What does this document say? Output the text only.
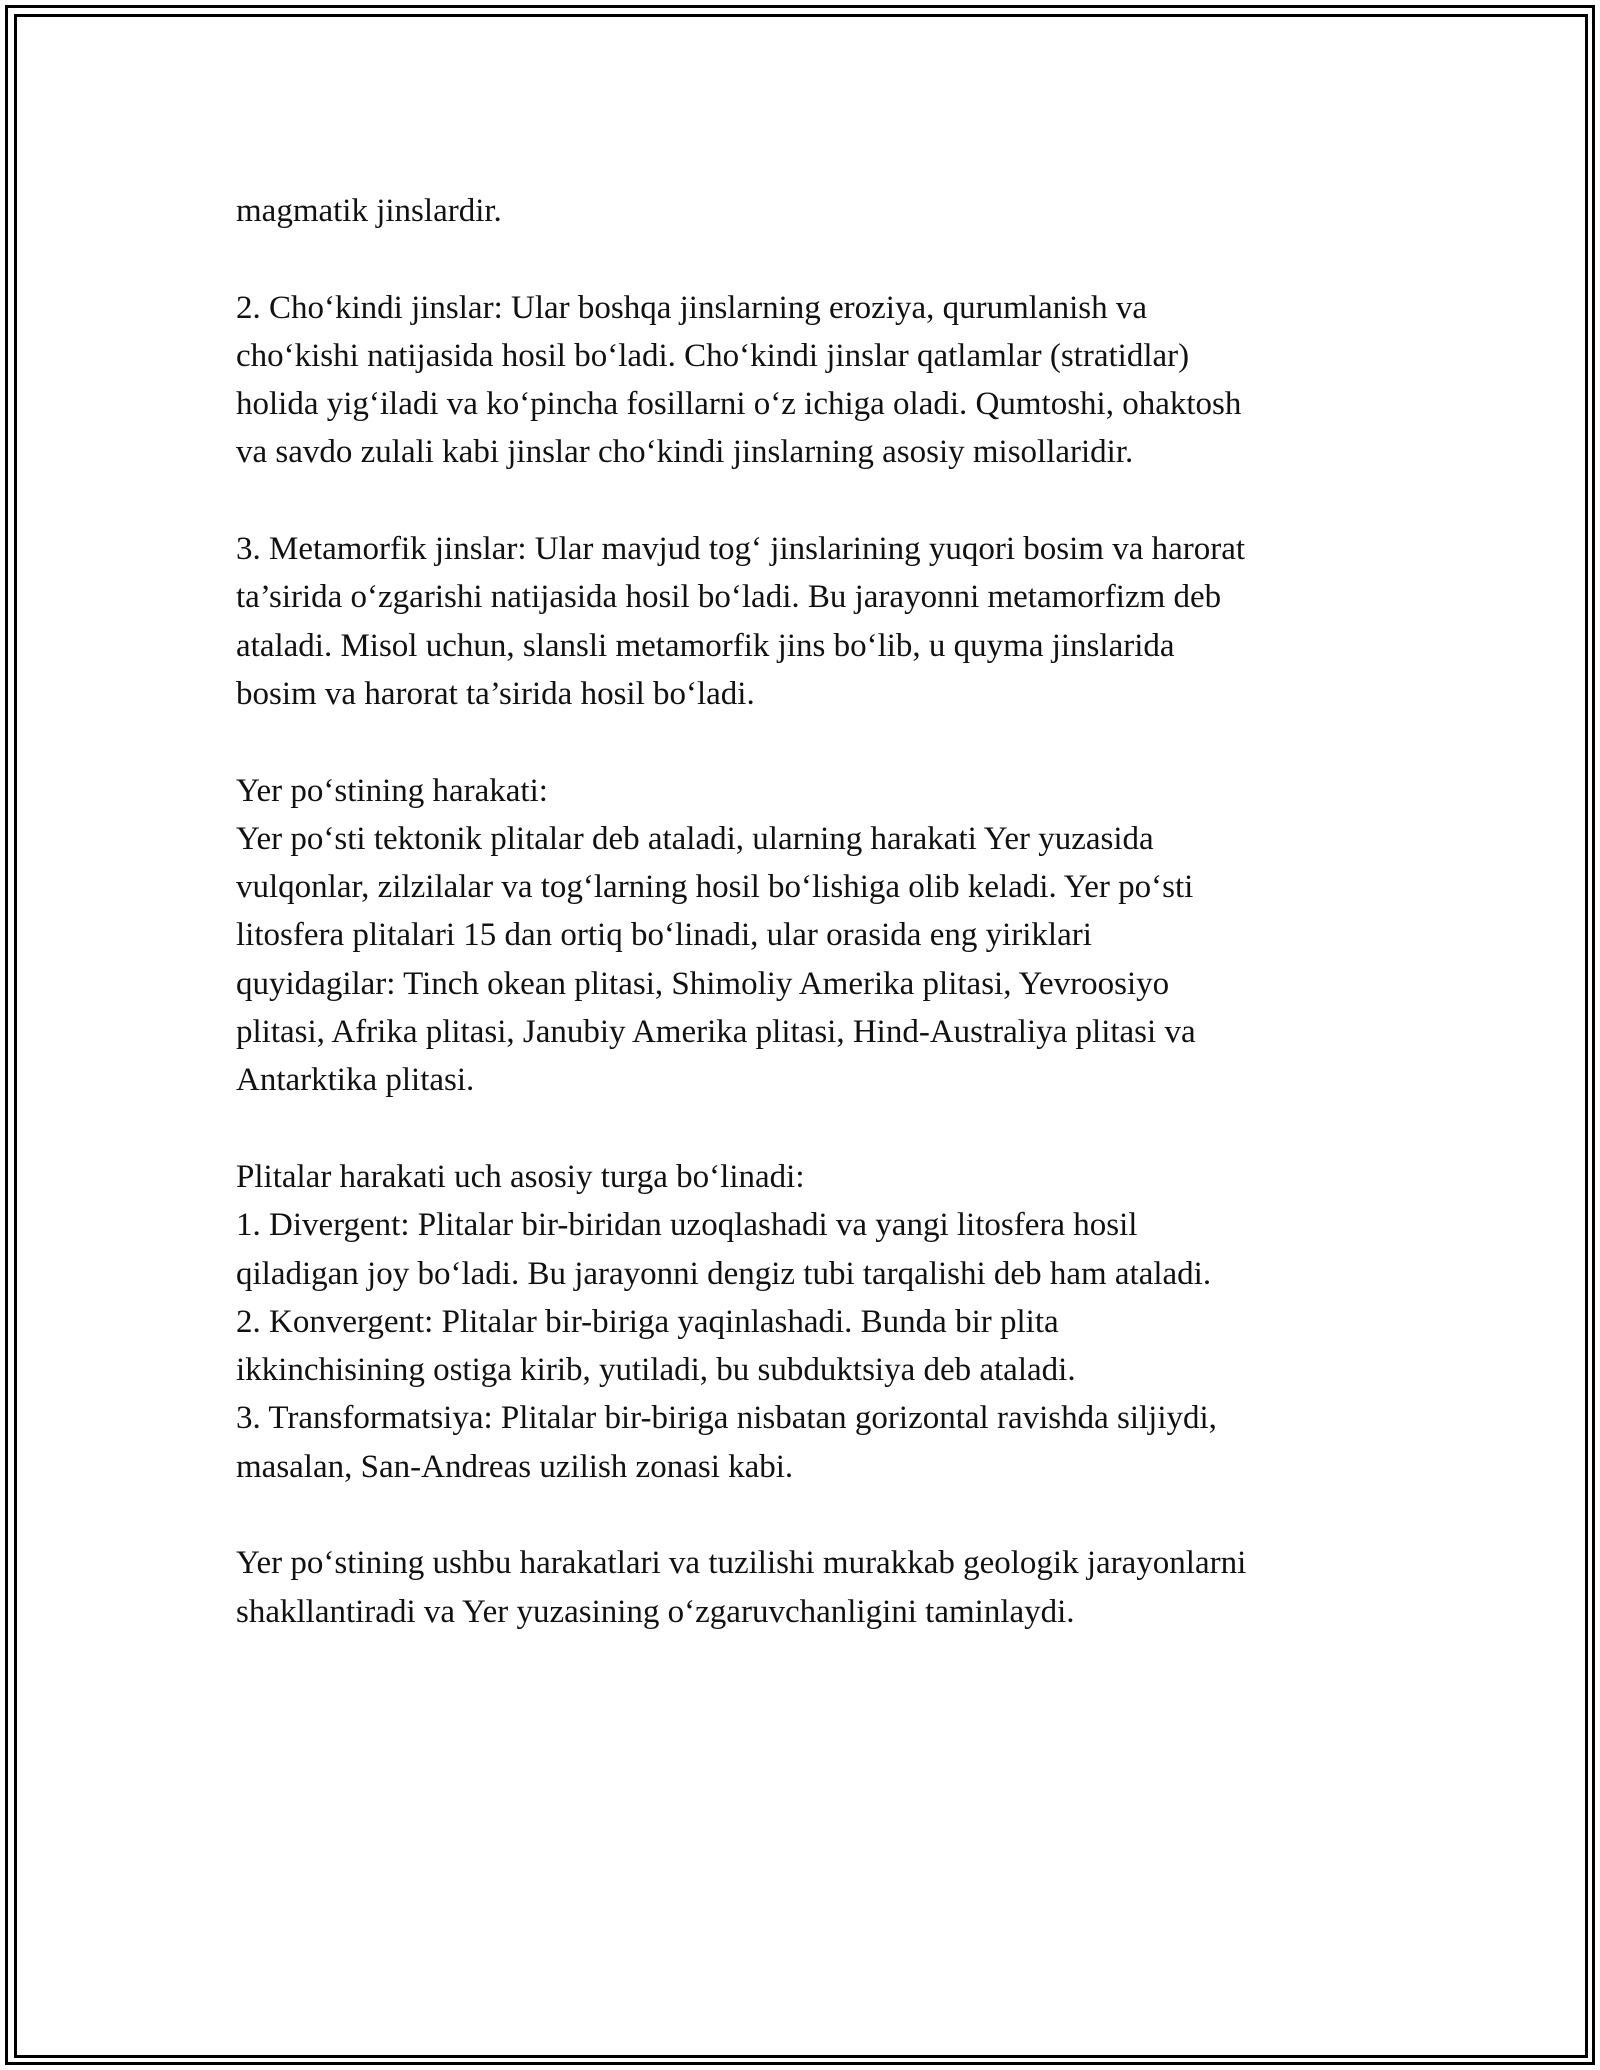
magmatik jinslardir.

2. Cho‘kindi jinslar: Ular boshqa jinslarning eroziya, qurumlanish va
cho‘kishi natijasida hosil bo‘ladi. Cho‘kindi jinslar qatlamlar (stratidlar)
holida yig‘iladi va ko‘pincha fosillarni o‘z ichiga oladi. Qumtoshi, ohaktosh
va savdo zulali kabi jinslar cho‘kindi jinslarning asosiy misollaridir.

3. Metamorfik jinslar: Ular mavjud tog‘ jinslarining yuqori bosim va harorat
ta’sirida o‘zgarishi natijasida hosil bo‘ladi. Bu jarayonni metamorfizm deb
ataladi. Misol uchun, slansli metamorfik jins bo‘lib, u quyma jinslarida
bosim va harorat ta’sirida hosil bo‘ladi.

Yer po‘stining harakati:
Yer po‘sti tektonik plitalar deb ataladi, ularning harakati Yer yuzasida
vulqonlar, zilzilalar va tog‘larning hosil bo‘lishiga olib keladi. Yer po‘sti
litosfera plitalari 15 dan ortiq bo‘linadi, ular orasida eng yiriklari
quyidagilar: Tinch okean plitasi, Shimoliy Amerika plitasi, Yevroosiyo
plitasi, Afrika plitasi, Janubiy Amerika plitasi, Hind-Australiya plitasi va
Antarktika plitasi.

Plitalar harakati uch asosiy turga bo‘linadi:
1. Divergent: Plitalar bir-biridan uzoqlashadi va yangi litosfera hosil
qiladigan joy bo‘ladi. Bu jarayonni dengiz tubi tarqalishi deb ham ataladi.
2. Konvergent: Plitalar bir-biriga yaqinlashadi. Bunda bir plita
ikkinchisining ostiga kirib, yutiladi, bu subduktsiya deb ataladi.
3. Transformatsiya: Plitalar bir-biriga nisbatan gorizontal ravishda siljiydi,
masalan, San-Andreas uzilish zonasi kabi.

Yer po‘stining ushbu harakatlari va tuzilishi murakkab geologik jarayonlarni
shakllantiradi va Yer yuzasining o‘zgaruvchanligini taminlaydi.
